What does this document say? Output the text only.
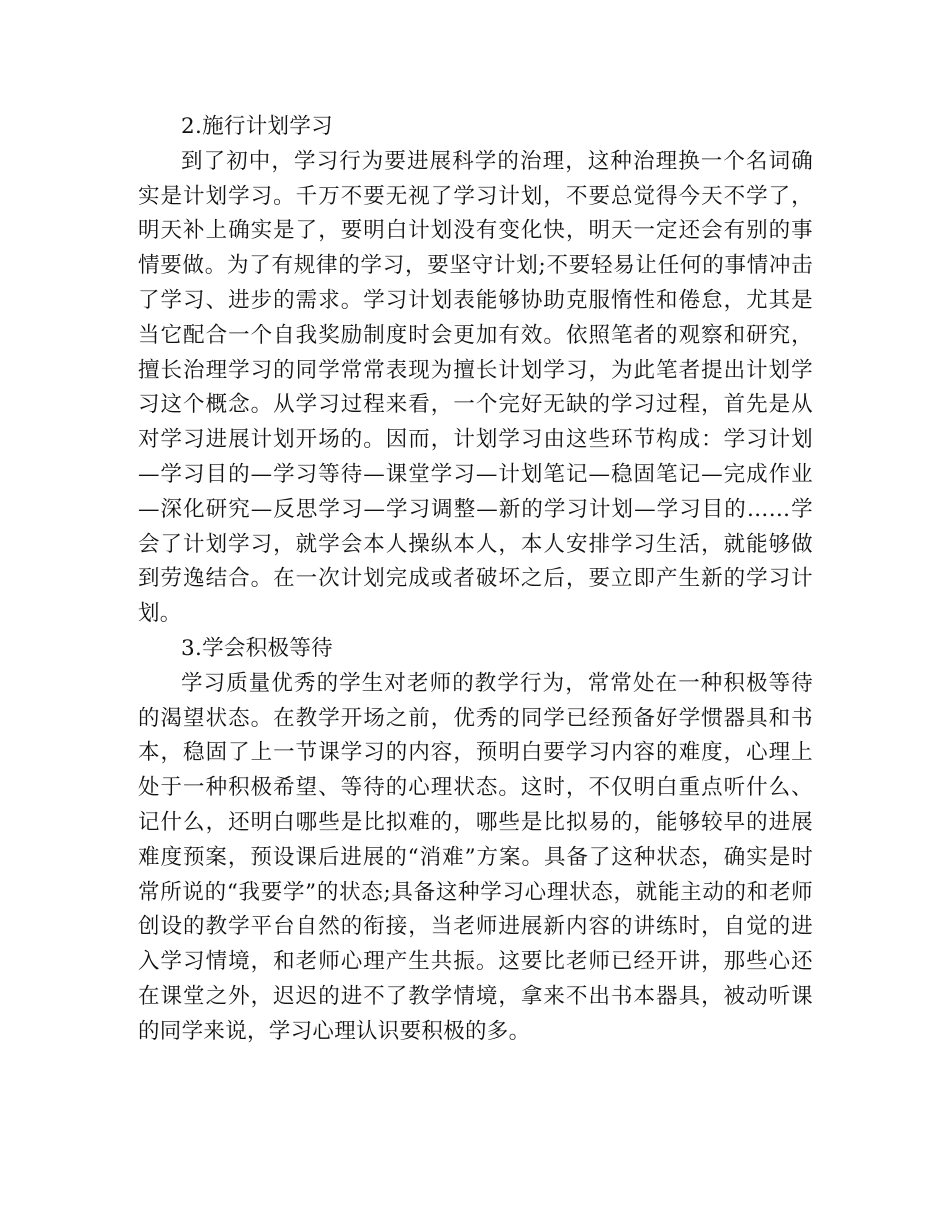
2.施行计划学习

到了初中，学习行为要进展科学的治理，这种治理换一个名词确实是计划学习。千万不要无视了学习计划，不要总觉得今天不学了，明天补上确实是了，要明白计划没有变化快，明天一定还会有别的事情要做。为了有规律的学习，要坚守计划;不要轻易让任何的事情冲击了学习、进步的需求。学习计划表能够协助克服惰性和倦怠，尤其是当它配合一个自我奖励制度时会更加有效。依照笔者的观察和研究，擅长治理学习的同学常常表现为擅长计划学习，为此笔者提出计划学习这个概念。从学习过程来看，一个完好无缺的学习过程，首先是从对学习进展计划开场的。因而，计划学习由这些环节构成：学习计划—学习目的—学习等待—课堂学习—计划笔记—稳固笔记—完成作业—深化研究—反思学习—学习调整—新的学习计划—学习目的……学会了计划学习，就学会本人操纵本人，本人安排学习生活，就能够做到劳逸结合。在一次计划完成或者破坏之后，要立即产生新的学习计划。

3.学会积极等待

学习质量优秀的学生对老师的教学行为，常常处在一种积极等待的渴望状态。在教学开场之前，优秀的同学已经预备好学惯器具和书本，稳固了上一节课学习的内容，预明白要学习内容的难度，心理上处于一种积极希望、等待的心理状态。这时，不仅明白重点听什么、记什么，还明白哪些是比拟难的，哪些是比拟易的，能够较早的进展难度预案，预设课后进展的“消难”方案。具备了这种状态，确实是时常所说的“我要学”的状态;具备这种学习心理状态，就能主动的和老师创设的教学平台自然的衔接，当老师进展新内容的讲练时，自觉的进入学习情境，和老师心理产生共振。这要比老师已经开讲，那些心还在课堂之外，迟迟的进不了教学情境，拿来不出书本器具，被动听课的同学来说，学习心理认识要积极的多。
